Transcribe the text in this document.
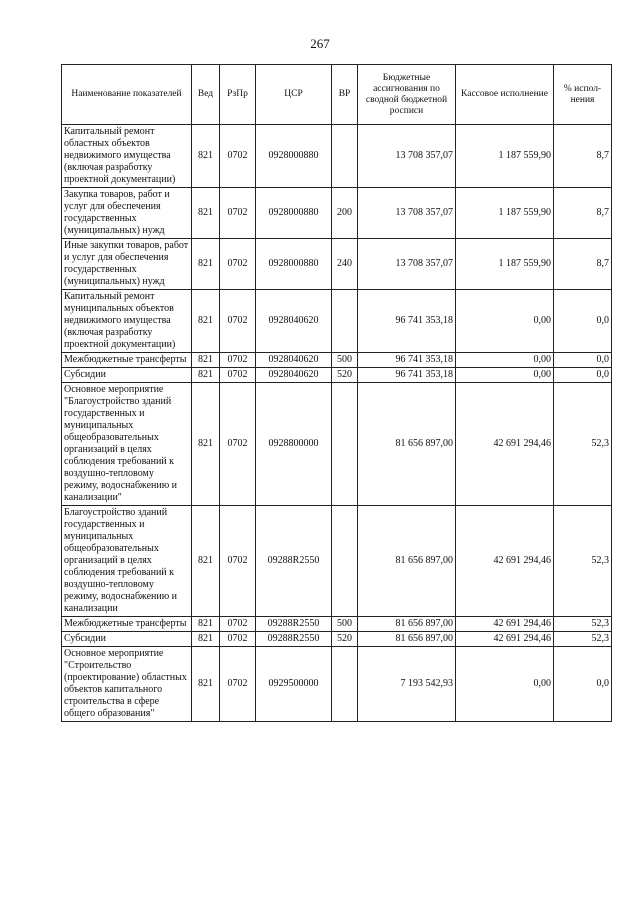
267
Наименование показателей	Вед	РзПр	ЦСР	ВР	Бюджетные ассигнования по сводной бюджетной росписи	Кассовое исполнение	% испол-нения
Капитальный ремонт областных объектов недвижимого имущества (включая разработку проектной документации)	821	0702	0928000880		13 708 357,07	1 187 559,90	8,7
Закупка товаров, работ и услуг для обеспечения государственных (муниципальных) нужд	821	0702	0928000880	200	13 708 357,07	1 187 559,90	8,7
Иные закупки товаров, работ и услуг для обеспечения государственных (муниципальных) нужд	821	0702	0928000880	240	13 708 357,07	1 187 559,90	8,7
Капитальный ремонт муниципальных объектов недвижимого имущества (включая разработку проектной документации)	821	0702	0928040620		96 741 353,18	0,00	0,0
Межбюджетные трансферты	821	0702	0928040620	500	96 741 353,18	0,00	0,0
Субсидии	821	0702	0928040620	520	96 741 353,18	0,00	0,0
Основное мероприятие "Благоустройство зданий государственных и муниципальных общеобразовательных организаций в целях соблюдения требований к воздушно-тепловому режиму, водоснабжению и канализации"	821	0702	0928800000		81 656 897,00	42 691 294,46	52,3
Благоустройство зданий государственных и муниципальных общеобразовательных организаций в целях соблюдения требований к воздушно-тепловому режиму, водоснабжению и канализации	821	0702	09288R2550		81 656 897,00	42 691 294,46	52,3
Межбюджетные трансферты	821	0702	09288R2550	500	81 656 897,00	42 691 294,46	52,3
Субсидии	821	0702	09288R2550	520	81 656 897,00	42 691 294,46	52,3
Основное мероприятие "Строительство (проектирование) областных объектов капитального строительства в сфере общего образования"	821	0702	0929500000		7 193 542,93	0,00	0,0
